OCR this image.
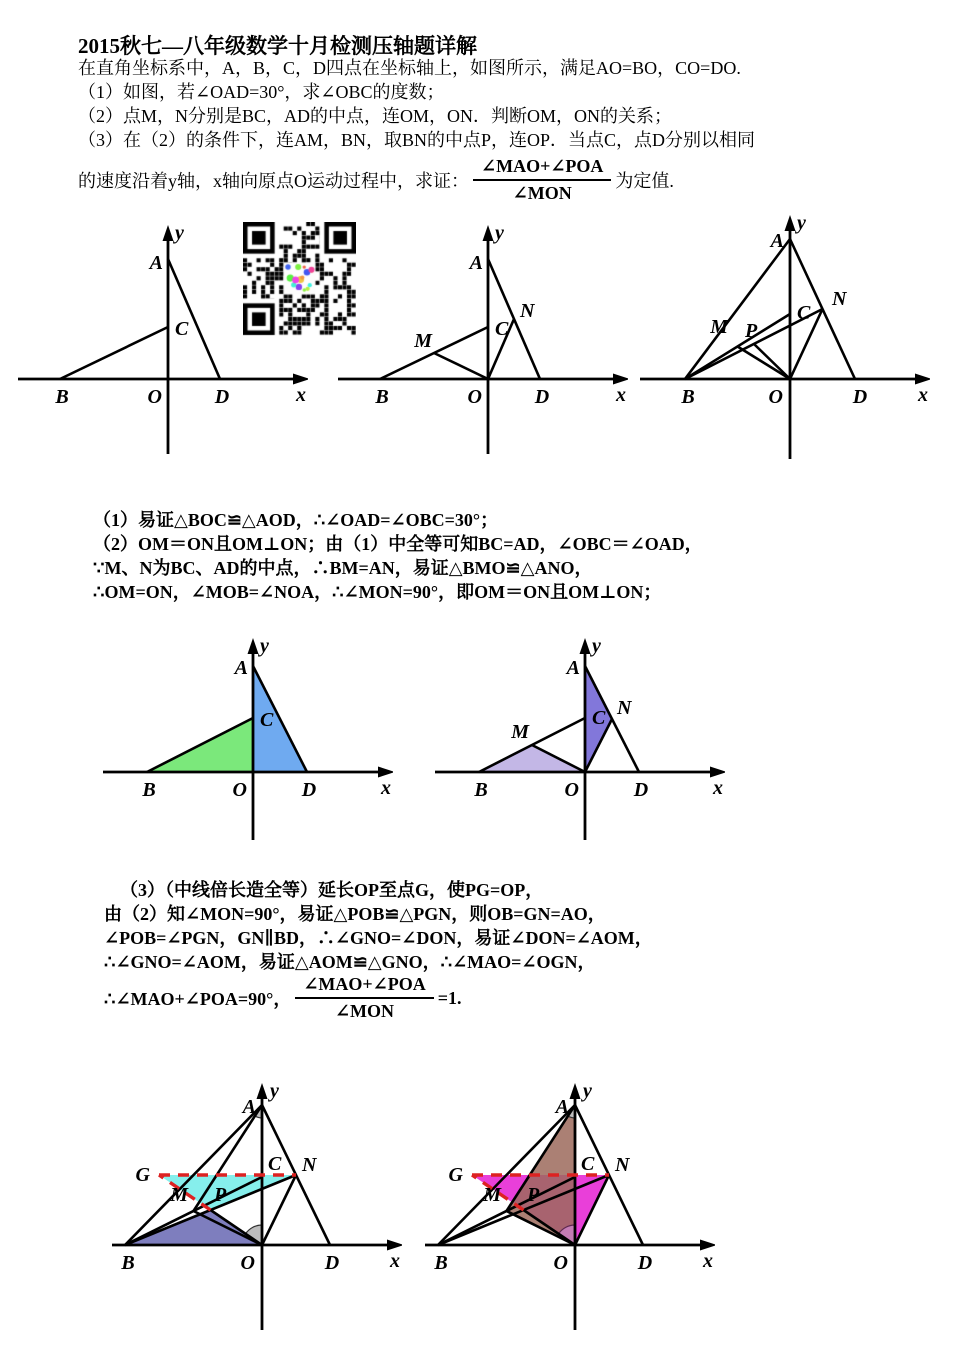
2015秋七—八年级数学十月检测压轴题详解
在直角坐标系中，A，B，C，D四点在坐标轴上，如图所示，满足AO=BO，CO=DO.
（1）如图，若∠OAD=30°，求∠OBC的度数；
（2）点M，N分别是BC，AD的中点，连OM，ON．判断OM，ON的关系；
（3）在（2）的条件下，连AM，BN，取BN的中点P，连OP．当点C，点D分别以相同
的速度沿着y轴，x轴向原点O运动过程中，求证： $\frac{\text{∠MAO+∠POA}}{\text{∠MON}}$ 为定值.
A
C
B	O	D	x
y
A
C
M
N
B	O	D	x
y	A
C
N
M P
B	O	D	x
y
（1）易证△BOC≌△AOD，∴∠OAD=∠OBC=30°；
（2）OM＝ON且OM⊥ON；由（1）中全等可知BC=AD，∠OBC＝∠OAD，
∵M、N为BC、AD的中点，∴BM=AN，易证△BMO≌△ANO，
∴OM=ON，∠MOB=∠NOA，∴∠MON=90°，即OM＝ON且OM⊥ON；
A
C
B	O	D	x
y
A
C N
M
B	O	D	x
y
（3）（中线倍长造全等）延长OP至点G，使PG=OP，
由（2）知∠MON=90°，易证△POB≌△PGN，则OB=GN=AO，
∠POB=∠PGN，GN∥BD，∴∠GNO=∠DON，易证∠DON=∠AOM，
∴∠GNO=∠AOM，易证△AOM≌△GNO，∴∠MAO=∠OGN，
∴∠MAO+∠POA=90°， $\frac{\text{∠MAO+∠POA}}{\text{∠MON}} =1$.
A
G	C N
M P
B	O	D	x
y
A
G	C N
M P
B	O	D	x
y
